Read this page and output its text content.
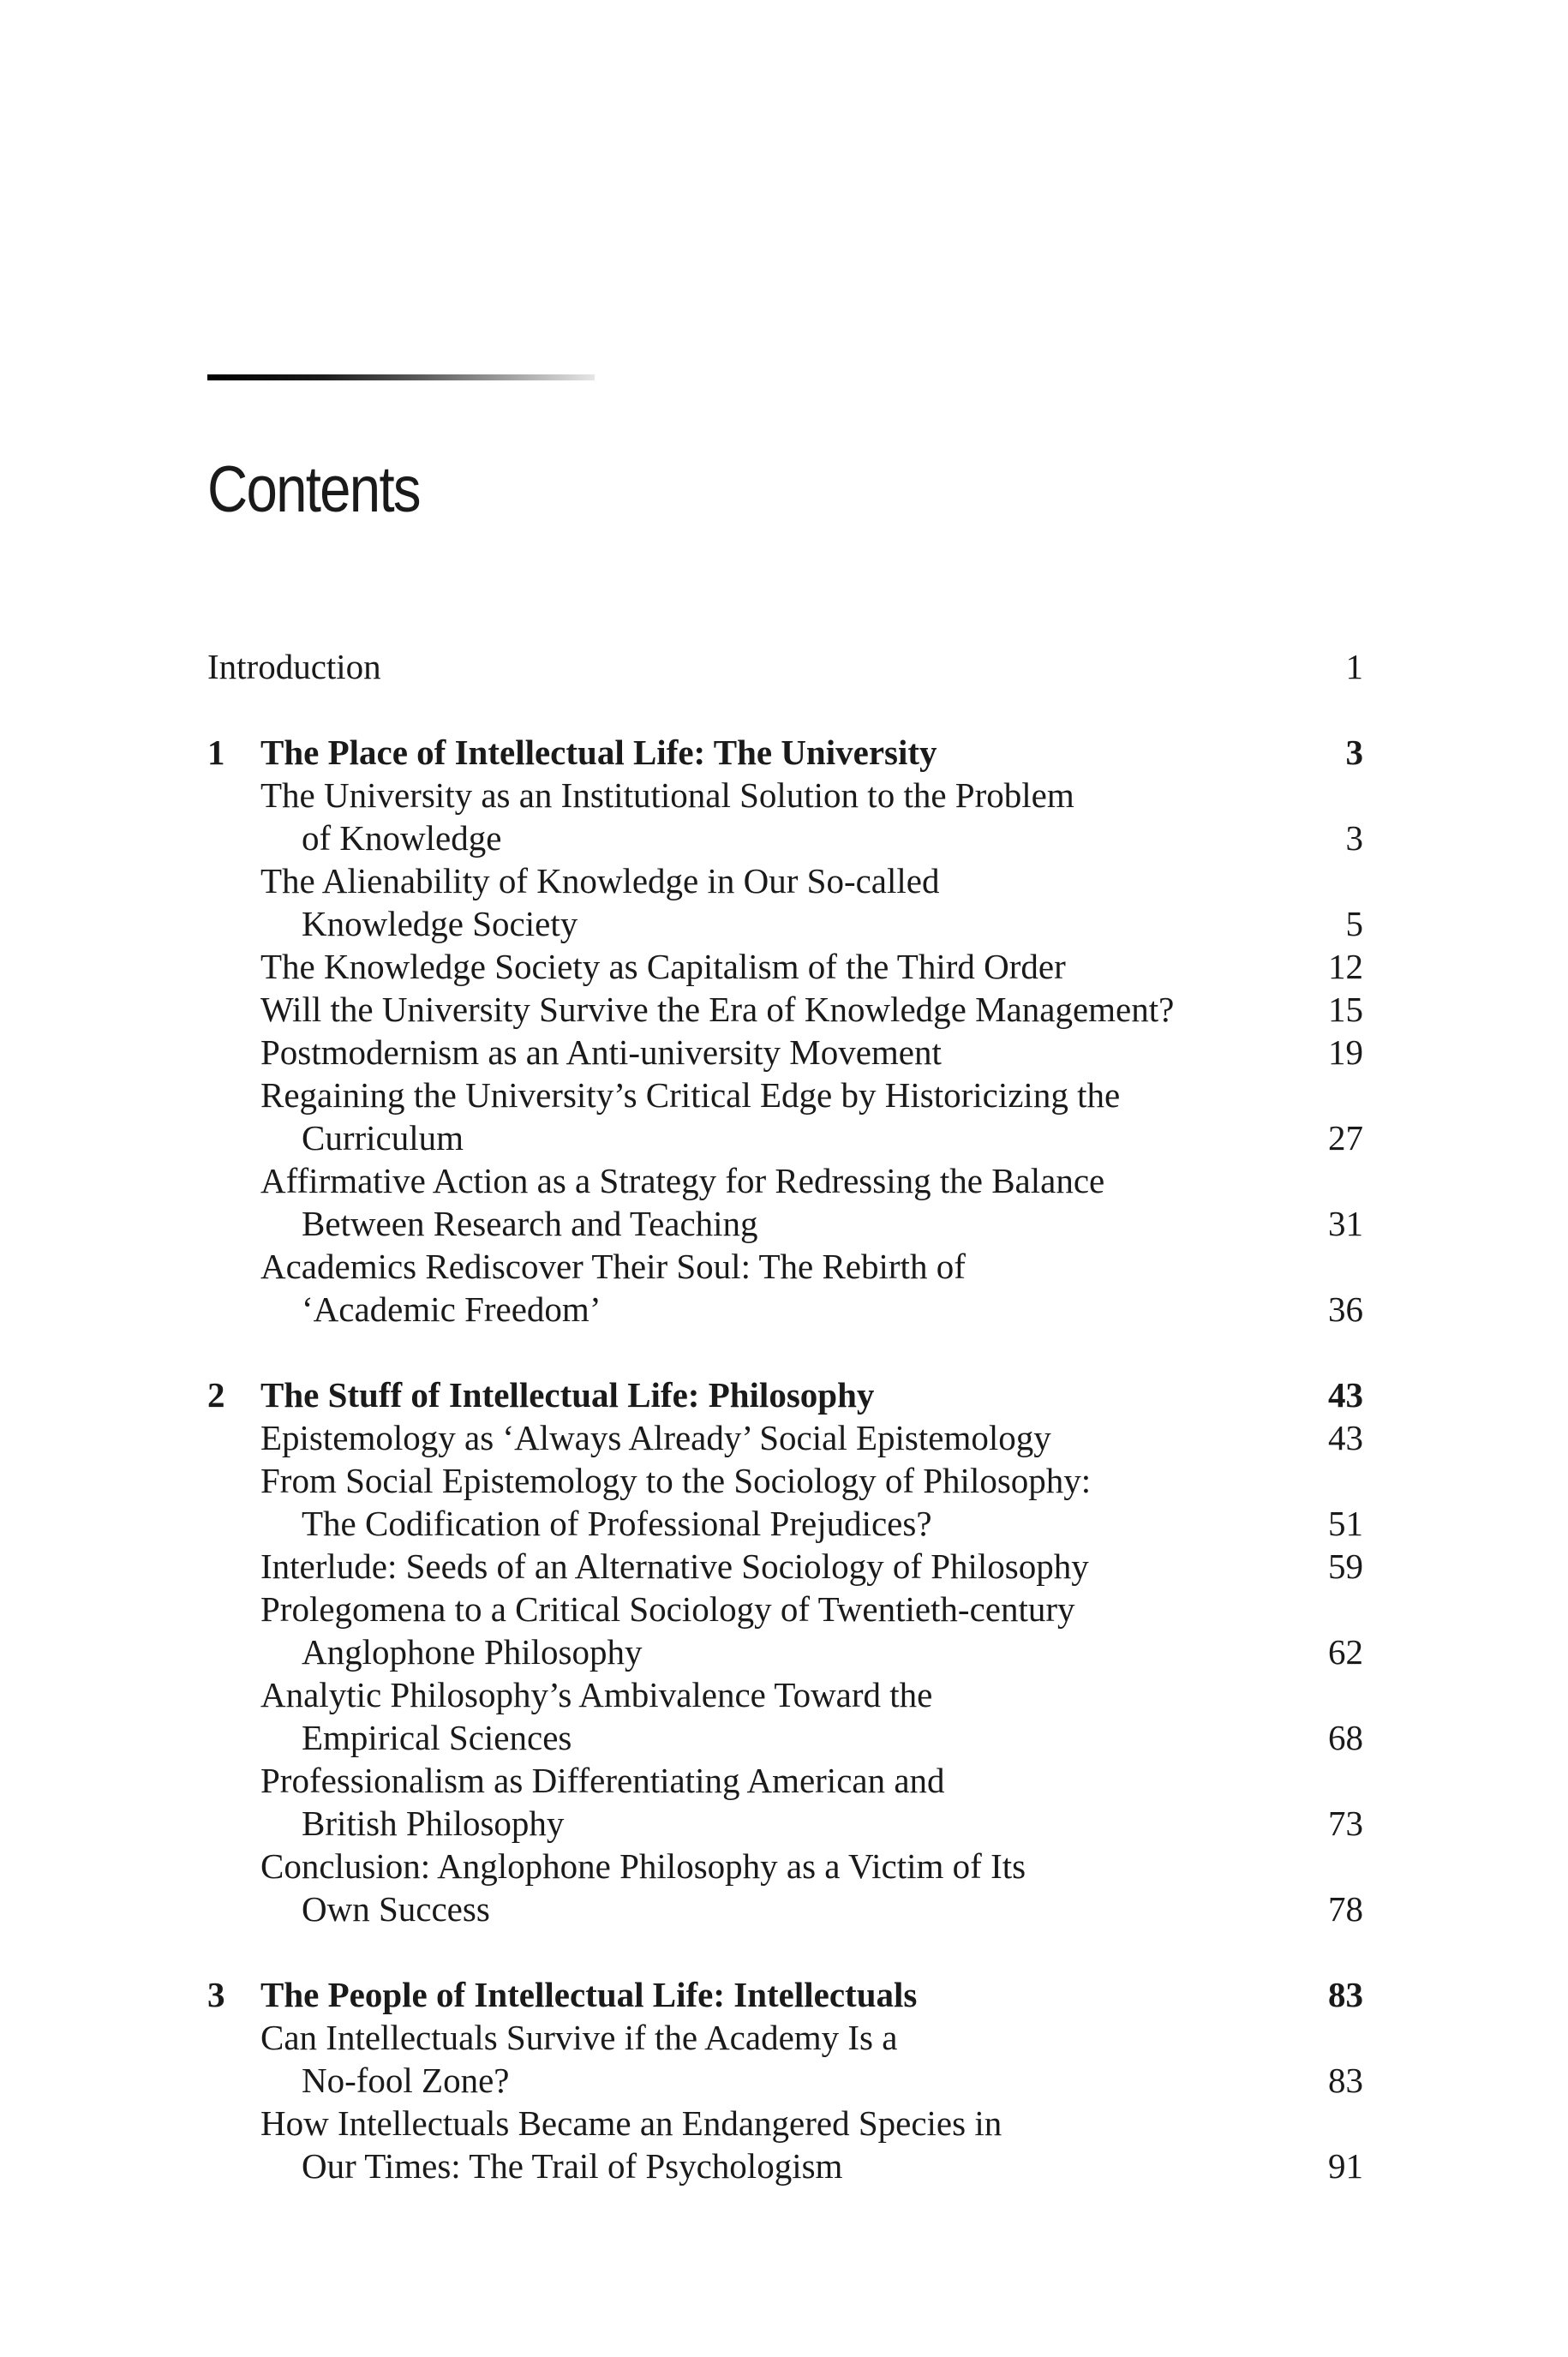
Contents
Introduction	1
1	The Place of Intellectual Life: The University	3
The University as an Institutional Solution to the Problem
of Knowledge	3
The Alienability of Knowledge in Our So-called
Knowledge Society	5
The Knowledge Society as Capitalism of the Third Order	12
Will the University Survive the Era of Knowledge Management?	15
Postmodernism as an Anti-university Movement	19
Regaining the University’s Critical Edge by Historicizing the
Curriculum	27
Affirmative Action as a Strategy for Redressing the Balance
Between Research and Teaching	31
Academics Rediscover Their Soul: The Rebirth of
‘Academic Freedom’	36
2	The Stuff of Intellectual Life: Philosophy	43
Epistemology as ‘Always Already’ Social Epistemology	43
From Social Epistemology to the Sociology of Philosophy:
The Codification of Professional Prejudices?	51
Interlude: Seeds of an Alternative Sociology of Philosophy	59
Prolegomena to a Critical Sociology of Twentieth-century
Anglophone Philosophy	62
Analytic Philosophy’s Ambivalence Toward the
Empirical Sciences	68
Professionalism as Differentiating American and
British Philosophy	73
Conclusion: Anglophone Philosophy as a Victim of Its
Own Success	78
3	The People of Intellectual Life: Intellectuals	83
Can Intellectuals Survive if the Academy Is a
No-fool Zone?	83
How Intellectuals Became an Endangered Species in
Our Times: The Trail of Psychologism	91
